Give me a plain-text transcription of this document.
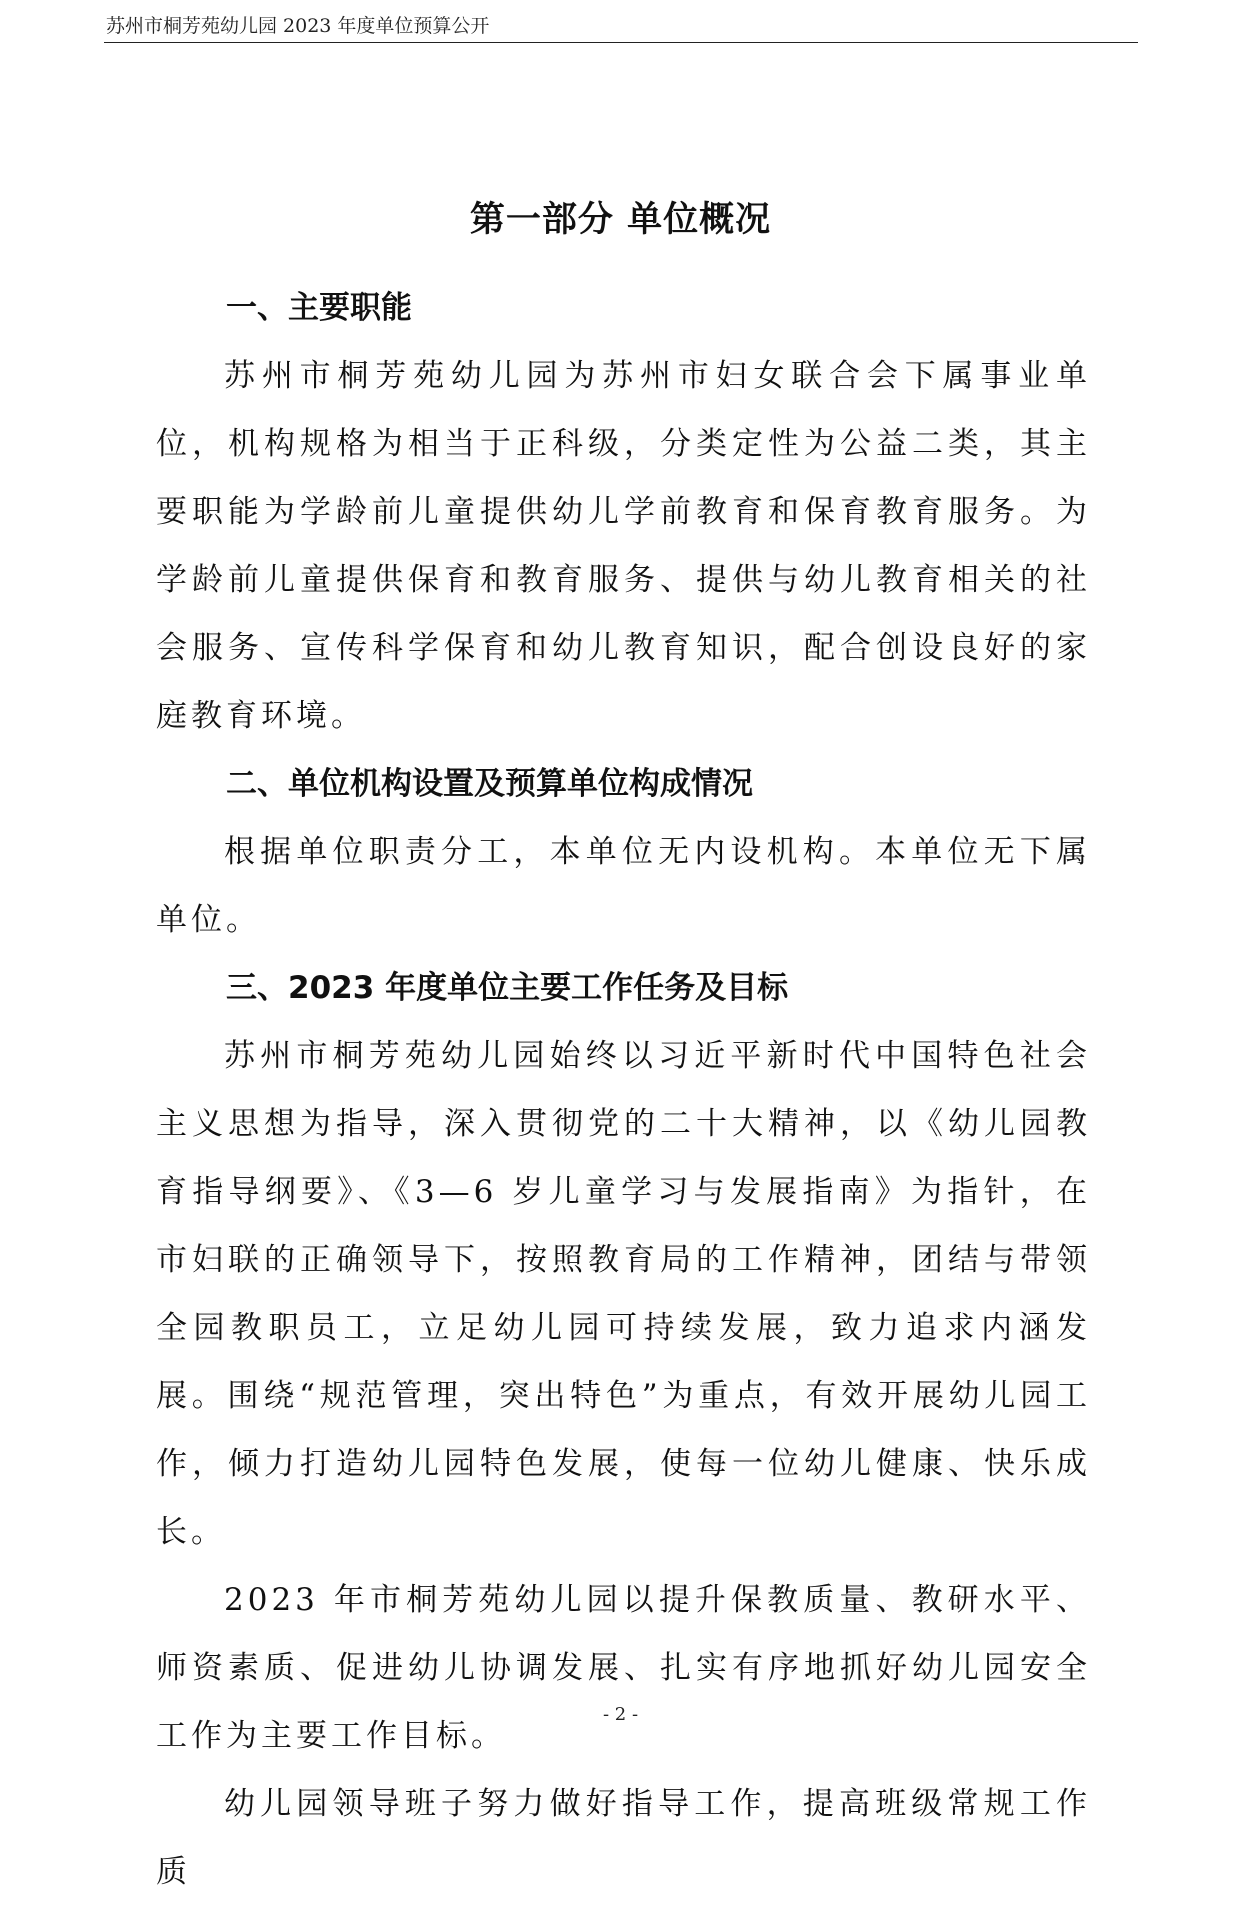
苏州市桐芳苑幼儿园 2023 年度单位预算公开
第一部分 单位概况

一、主要职能

苏州市桐芳苑幼儿园为苏州市妇女联合会下属事业单位，机构规格为相当于正科级，分类定性为公益二类，其主要职能为学龄前儿童提供幼儿学前教育和保育教育服务。为学龄前儿童提供保育和教育服务、提供与幼儿教育相关的社会服务、宣传科学保育和幼儿教育知识，配合创设良好的家庭教育环境。

二、单位机构设置及预算单位构成情况

根据单位职责分工，本单位无内设机构。本单位无下属单位。

三、2023 年度单位主要工作任务及目标

苏州市桐芳苑幼儿园始终以习近平新时代中国特色社会主义思想为指导，深入贯彻党的二十大精神，以《幼儿园教育指导纲要》、《3—6 岁儿童学习与发展指南》为指针，在市妇联的正确领导下，按照教育局的工作精神，团结与带领全园教职员工，立足幼儿园可持续发展，致力追求内涵发展。围绕“规范管理，突出特色”为重点，有效开展幼儿园工作，倾力打造幼儿园特色发展，使每一位幼儿健康、快乐成长。

2023 年市桐芳苑幼儿园以提升保教质量、教研水平、师资素质、促进幼儿协调发展、扎实有序地抓好幼儿园安全工作为主要工作目标。

幼儿园领导班子努力做好指导工作，提高班级常规工作质

- 2 -
